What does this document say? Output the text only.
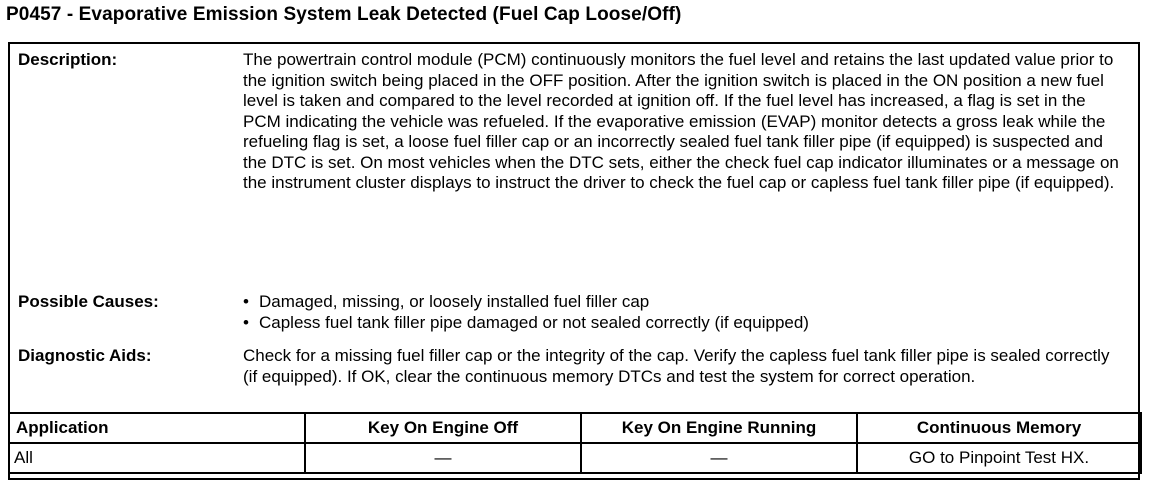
P0457 - Evaporative Emission System Leak Detected (Fuel Cap Loose/Off)
Description:	The powertrain control module (PCM) continuously monitors the fuel level and retains the last updated value prior to the ignition switch being placed in the OFF position. After the ignition switch is placed in the ON position a new fuel level is taken and compared to the level recorded at ignition off. If the fuel level has increased, a flag is set in the PCM indicating the vehicle was refueled. If the evaporative emission (EVAP) monitor detects a gross leak while the refueling flag is set, a loose fuel filler cap or an incorrectly sealed fuel tank filler pipe (if equipped) is suspected and the DTC is set. On most vehicles when the DTC sets, either the check fuel cap indicator illuminates or a message on the instrument cluster displays to instruct the driver to check the fuel cap or capless fuel tank filler pipe (if equipped).
Possible Causes:	• Damaged, missing, or loosely installed fuel filler cap
• Capless fuel tank filler pipe damaged or not sealed correctly (if equipped)
Diagnostic Aids:	Check for a missing fuel filler cap or the integrity of the cap. Verify the capless fuel tank filler pipe is sealed correctly (if equipped). If OK, clear the continuous memory DTCs and test the system for correct operation.
Application	Key On Engine Off	Key On Engine Running	Continuous Memory
All	—	—	GO to Pinpoint Test HX.
